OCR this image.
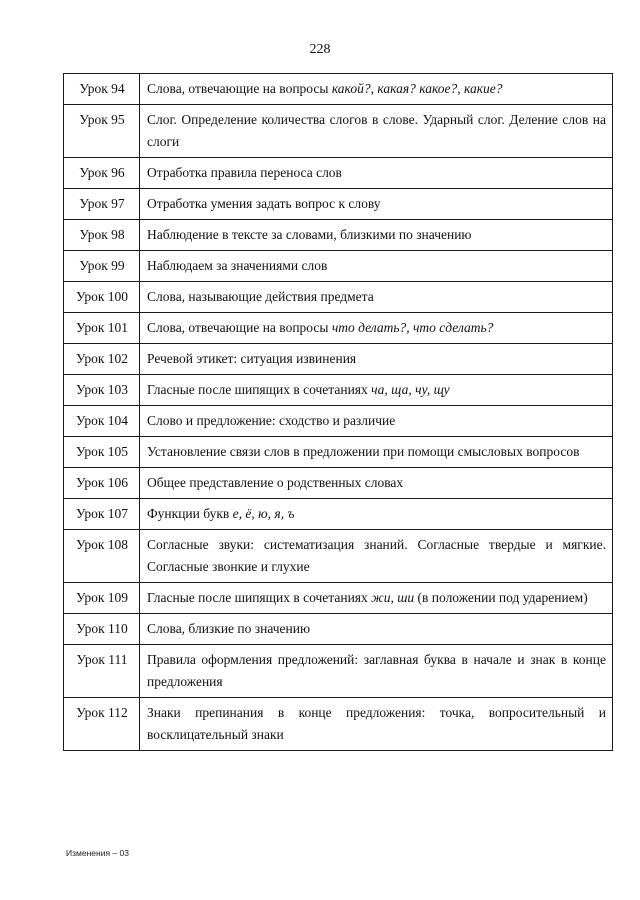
228
Урок 94	Слова, отвечающие на вопросы какой?, какая? какое?, какие?
Урок 95	Слог. Определение количества слогов в слове. Ударный слог. Деление слов на слоги
Урок 96	Отработка правила переноса слов
Урок 97	Отработка умения задать вопрос к слову
Урок 98	Наблюдение в тексте за словами, близкими по значению
Урок 99	Наблюдаем за значениями слов
Урок 100	Слова, называющие действия предмета
Урок 101	Слова, отвечающие на вопросы что делать?, что сделать?
Урок 102	Речевой этикет: ситуация извинения
Урок 103	Гласные после шипящих в сочетаниях ча, ща, чу, щу
Урок 104	Слово и предложение: сходство и различие
Урок 105	Установление связи слов в предложении при помощи смысловых вопросов
Урок 106	Общее представление о родственных словах
Урок 107	Функции букв е, ё, ю, я, ъ
Урок 108	Согласные звуки: систематизация знаний. Согласные твердые и мягкие. Согласные звонкие и глухие
Урок 109	Гласные после шипящих в сочетаниях жи, ши (в положении под ударением)
Урок 110	Слова, близкие по значению
Урок 111	Правила оформления предложений: заглавная буква в начале и знак в конце предложения
Урок 112	Знаки препинания в конце предложения: точка, вопросительный и восклицательный знаки
Изменения – 03
